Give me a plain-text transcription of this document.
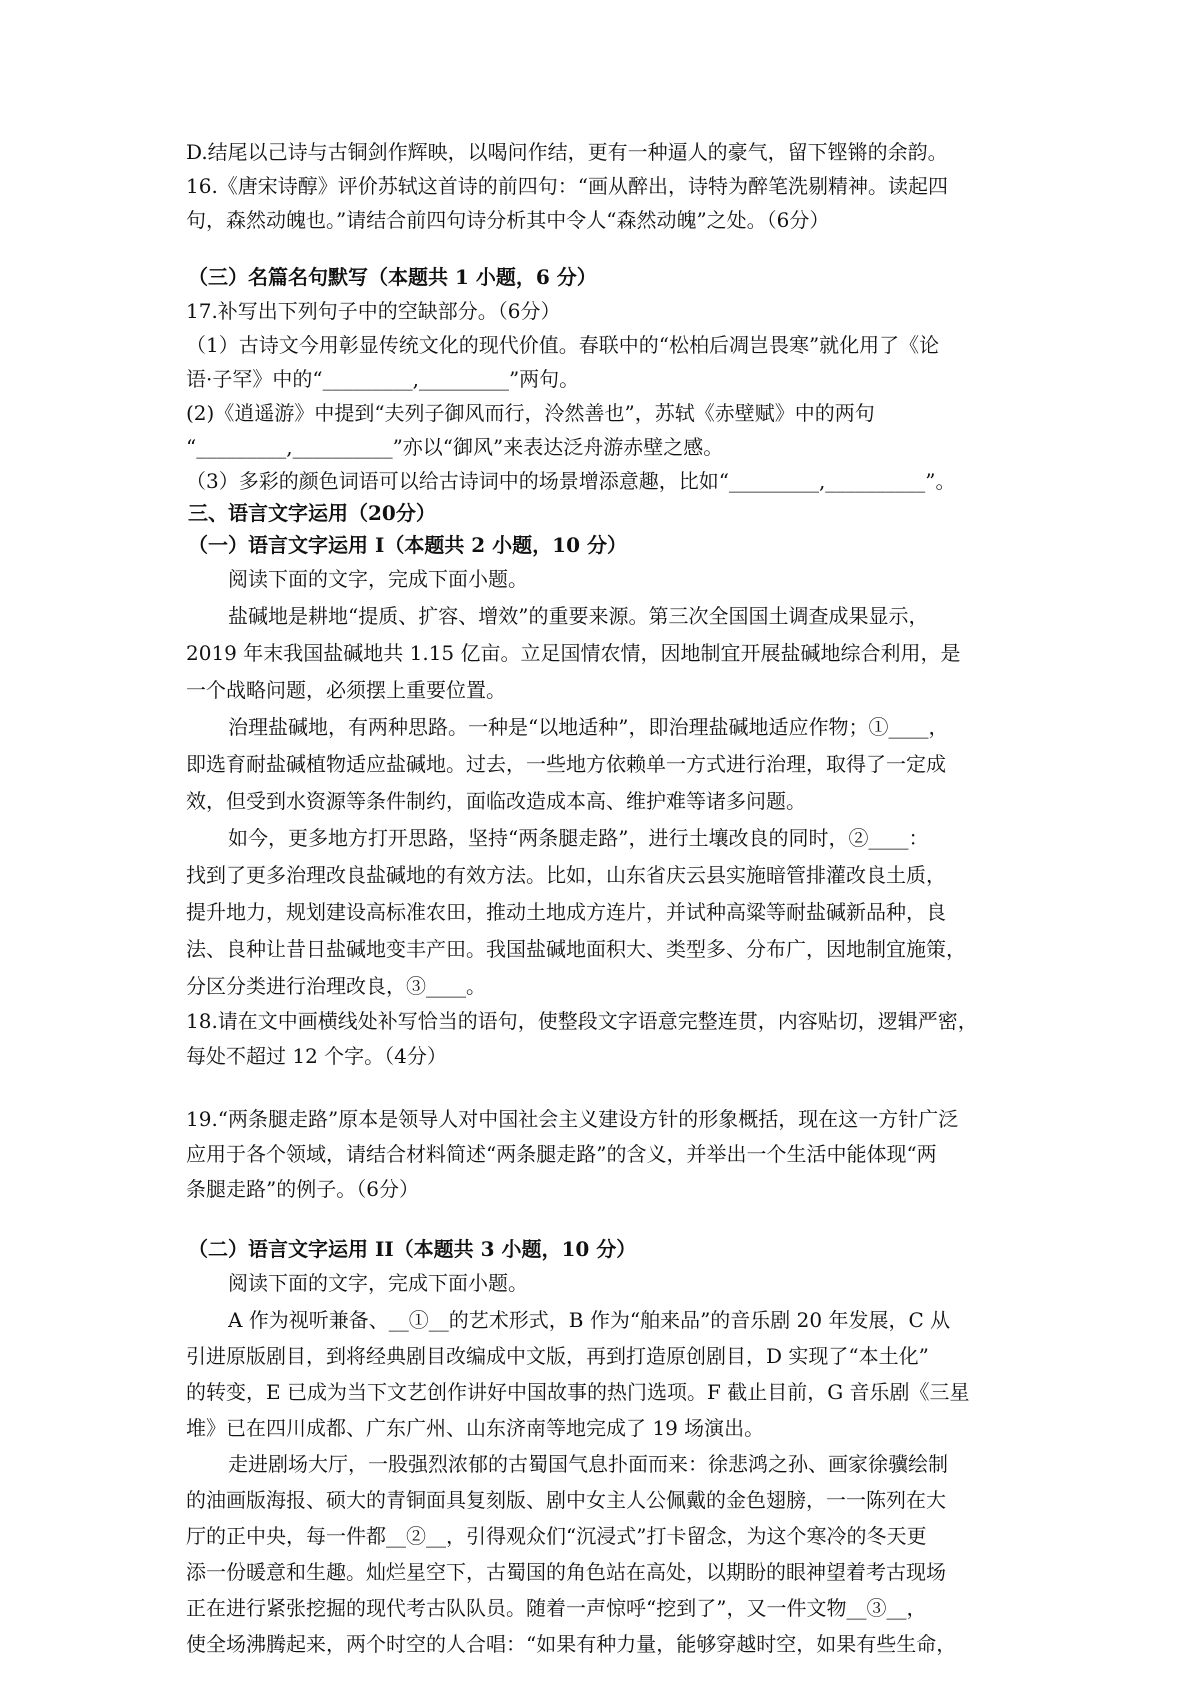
D.结尾以己诗与古铜剑作辉映，以喝问作结，更有一种逼人的豪气，留下铿锵的余韵。
16.《唐宋诗醇》评价苏轼这首诗的前四句：“画从醉出，诗特为醉笔洗剔精神。读起四
句，森然动魄也。”请结合前四句诗分析其中令人“森然动魄”之处。（6分）
（三）名篇名句默写（本题共 1 小题，6 分）
17.补写出下列句子中的空缺部分。（6分）
（1）古诗文今用彰显传统文化的现代价值。春联中的“松柏后凋岂畏寒”就化用了《论
语·子罕》中的“_________,_________”两句。
(2)《逍遥游》中提到“夫列子御风而行，泠然善也”，苏轼《赤壁赋》中的两句
“_________,__________”亦以“御风”来表达泛舟游赤壁之感。
（3）多彩的颜色词语可以给古诗词中的场景增添意趣，比如“_________,__________”。
三、语言文字运用（20分）
（一）语言文字运用 I（本题共 2 小题，10 分）
阅读下面的文字，完成下面小题。
盐碱地是耕地“提质、扩容、增效”的重要来源。第三次全国国土调查成果显示，
2019 年末我国盐碱地共 1.15 亿亩。立足国情农情，因地制宜开展盐碱地综合利用，是
一个战略问题，必须摆上重要位置。
治理盐碱地，有两种思路。一种是“以地适种”，即治理盐碱地适应作物；①____，
即选育耐盐碱植物适应盐碱地。过去，一些地方依赖单一方式进行治理，取得了一定成
效，但受到水资源等条件制约，面临改造成本高、维护难等诸多问题。
如今，更多地方打开思路，坚持“两条腿走路”，进行土壤改良的同时，②____：
找到了更多治理改良盐碱地的有效方法。比如，山东省庆云县实施暗管排灌改良土质，
提升地力，规划建设高标准农田，推动土地成方连片，并试种高粱等耐盐碱新品种，良
法、良种让昔日盐碱地变丰产田。我国盐碱地面积大、类型多、分布广，因地制宜施策，
分区分类进行治理改良，③____。
18.请在文中画横线处补写恰当的语句，使整段文字语意完整连贯，内容贴切，逻辑严密，
每处不超过 12 个字。（4分）
19.“两条腿走路”原本是领导人对中国社会主义建设方针的形象概括，现在这一方针广泛
应用于各个领域，请结合材料简述“两条腿走路”的含义，并举出一个生活中能体现“两
条腿走路”的例子。（6分）
（二）语言文字运用 II（本题共 3 小题，10 分）
阅读下面的文字，完成下面小题。
A 作为视听兼备、__①__的艺术形式，B 作为“舶来品”的音乐剧 20 年发展，C 从
引进原版剧目，到将经典剧目改编成中文版，再到打造原创剧目，D 实现了“本土化”
的转变，E 已成为当下文艺创作讲好中国故事的热门选项。F 截止目前，G 音乐剧《三星
堆》已在四川成都、广东广州、山东济南等地完成了 19 场演出。
走进剧场大厅，一股强烈浓郁的古蜀国气息扑面而来：徐悲鸿之孙、画家徐骥绘制
的油画版海报、硕大的青铜面具复刻版、剧中女主人公佩戴的金色翅膀，一一陈列在大
厅的正中央，每一件都__②__，引得观众们“沉浸式”打卡留念，为这个寒冷的冬天更
添一份暖意和生趣。灿烂星空下，古蜀国的角色站在高处，以期盼的眼神望着考古现场
正在进行紧张挖掘的现代考古队队员。随着一声惊呼“挖到了”，又一件文物__③__，
使全场沸腾起来，两个时空的人合唱：“如果有种力量，能够穿越时空，如果有些生命，
